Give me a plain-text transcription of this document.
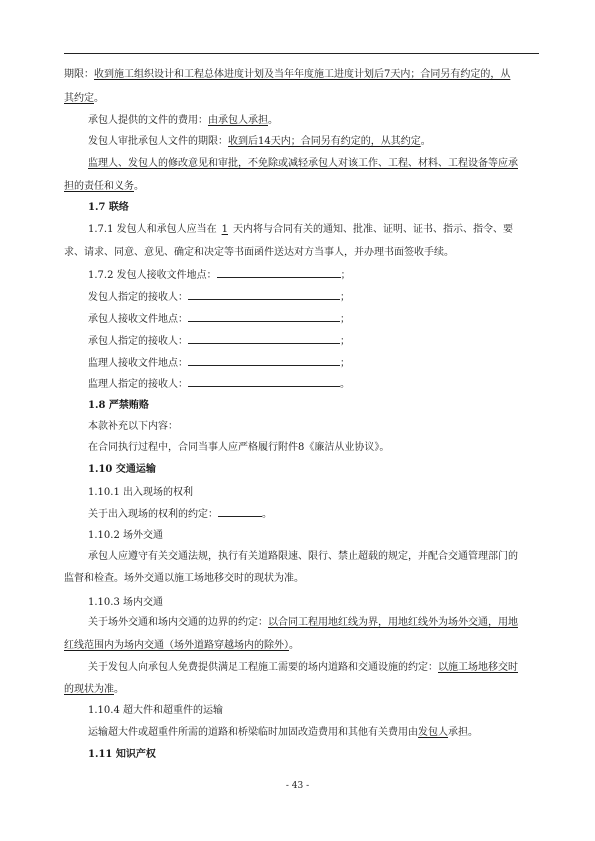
期限：收到施工组织设计和工程总体进度计划及当年年度施工进度计划后7天内；合同另有约定的，从
其约定。
承包人提供的文件的费用：由承包人承担。
发包人审批承包人文件的期限：收到后14天内；合同另有约定的，从其约定。
监理人、发包人的修改意见和审批，不免除或减轻承包人对该工作、工程、材料、工程设备等应承
担的责任和义务。
1.7 联络
1.7.1 发包人和承包人应当在 1 天内将与合同有关的通知、批准、证明、证书、指示、指令、要
求、请求、同意、意见、确定和决定等书面函件送达对方当事人，并办理书面签收手续。
1.7.2 发包人接收文件地点：	；
发包人指定的接收人：	；
承包人接收文件地点：	；
承包人指定的接收人：	；
监理人接收文件地点：	；
监理人指定的接收人：	。
1.8 严禁贿赂
本款补充以下内容：
在合同执行过程中，合同当事人应严格履行附件8《廉洁从业协议》。
1.10 交通运输
1.10.1 出入现场的权利
关于出入现场的权利的约定：	。
1.10.2 场外交通
承包人应遵守有关交通法规，执行有关道路限速、限行、禁止超载的规定，并配合交通管理部门的
监督和检查。场外交通以施工场地移交时的现状为准。
1.10.3 场内交通
关于场外交通和场内交通的边界的约定：以合同工程用地红线为界，用地红线外为场外交通，用地
红线范围内为场内交通（场外道路穿越场内的除外）。
关于发包人向承包人免费提供满足工程施工需要的场内道路和交通设施的约定：以施工场地移交时
的现状为准。
1.10.4 超大件和超重件的运输
运输超大件或超重件所需的道路和桥梁临时加固改造费用和其他有关费用由发包人承担。
1.11 知识产权
- 43 -
